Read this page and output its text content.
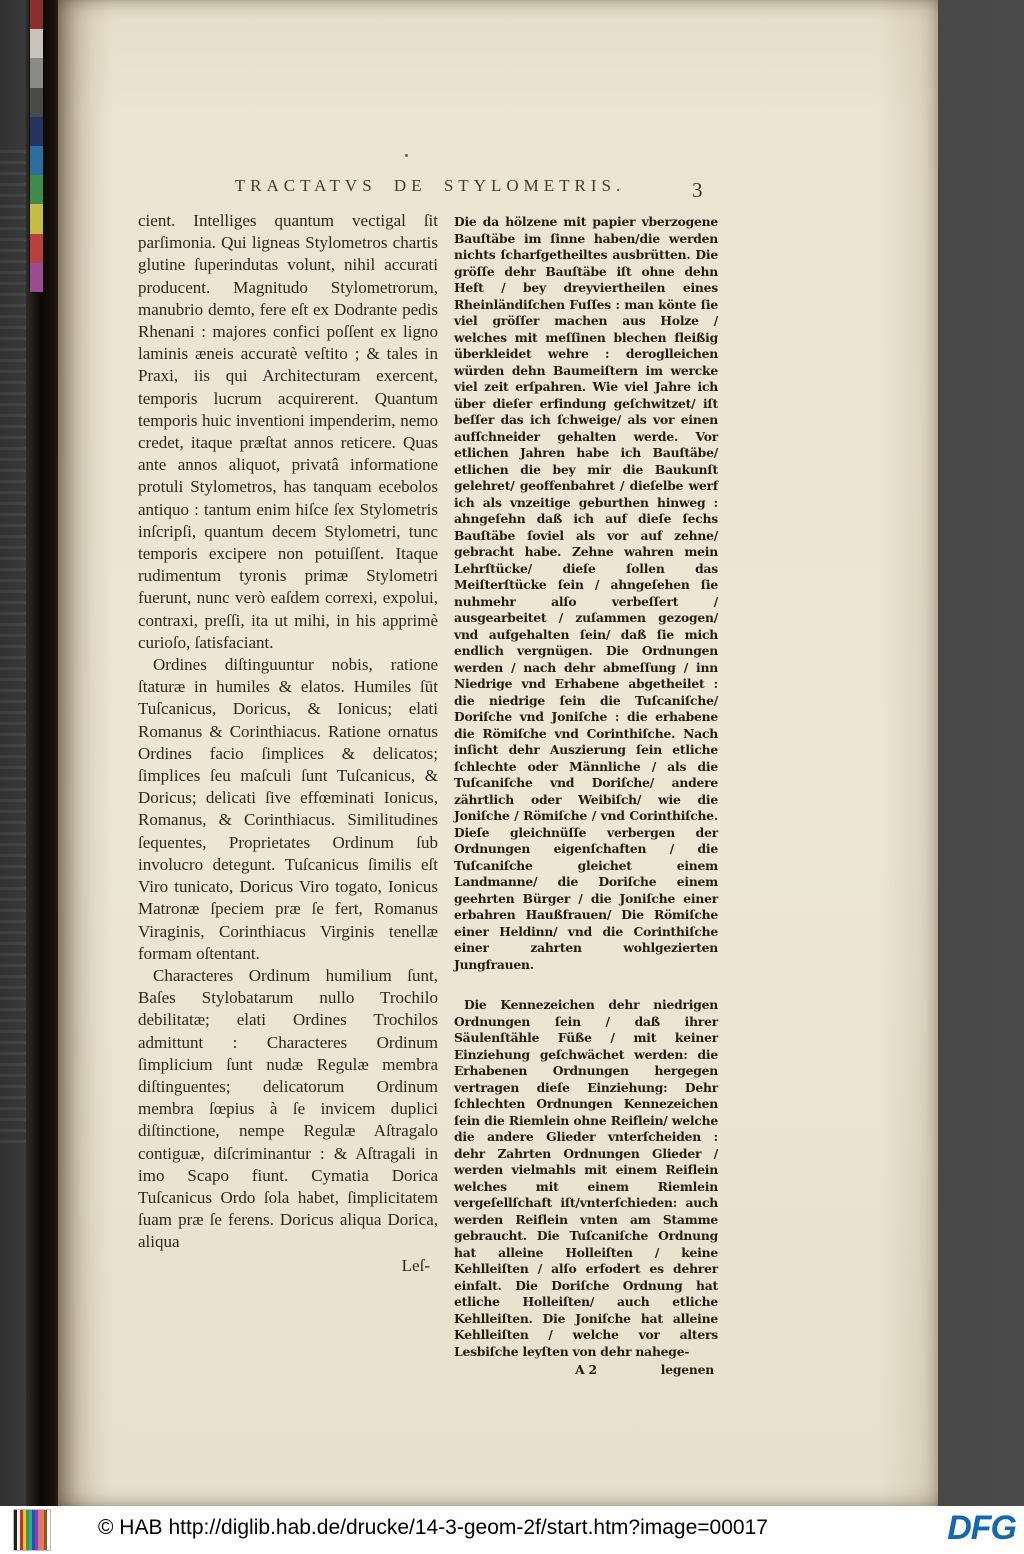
TRACTATVS DE STYLOMETRIS.	3

cient. Intelliges quantum vectigal ſit parſimonia. Qui ligneas Stylometros chartis glutine ſuperindutas volunt, nihil accurati producent. Magnitudo Stylometrorum, manubrio demto, fere eſt ex Dodrante pedis Rhenani : majores confici poſſent ex ligno laminis æneis accuratè veſtito ; & tales in Praxi, iis qui Architecturam exercent, temporis lucrum acquirerent. Quantum temporis huic inventioni impenderim, nemo credet, itaque præſtat annos reticere. Quas ante annos aliquot, privatâ informatione protuli Stylometros, has tanquam ecebolos antiquo : tantum enim hiſce ſex Stylometris inſcripſi, quantum decem Stylometri, tunc temporis excipere non potuiſſent. Itaque rudimentum tyronis primæ Stylometri fuerunt, nunc verò eaſdem correxi, expolui, contraxi, preſſi, ita ut mihi, in his apprimè curioſo, ſatisfaciant.

Ordines diſtinguuntur nobis, ratione ſtaturæ in humiles & elatos. Humiles ſūt Tuſcanicus, Doricus, & Ionicus; elati Romanus & Corinthiacus. Ratione ornatus Ordines facio ſimplices & delicatos; ſimplices ſeu maſculi ſunt Tuſcanicus, & Doricus; delicati ſive effœminati Ionicus, Romanus, & Corinthiacus. Similitudines ſequentes, Proprietates Ordinum ſub involucro detegunt. Tuſcanicus ſimilis eſt Viro tunicato, Doricus Viro togato, Ionicus Matronæ ſpeciem præ ſe fert, Romanus Viraginis, Corinthiacus Virginis tenellæ formam oſtentant.

Characteres Ordinum humilium ſunt, Baſes Stylobatarum nullo Trochilo debilitatæ; elati Ordines Trochilos admittunt : Characteres Ordinum ſimplicium ſunt nudæ Regulæ membra diſtinguentes; delicatorum Ordinum membra ſœpius à ſe invicem duplici diſtinctione, nempe Regulæ Aſtragalo contiguæ, diſcriminantur : & Aſtragali in imo Scapo fiunt. Cymatia Dorica Tuſcanicus Ordo ſola habet, ſimplicitatem ſuam præ ſe ferens. Doricus aliqua Dorica, aliqua

Leſ-

Die da hölzene mit papier vberzogene Bauſtäbe im ſinne haben/die werden nichts ſcharfgetheiltes ausbrütten. Die gröſſe dehr Bauſtäbe iſt ohne dehn Heft / bey dreyviertheilen eines Rheinländiſchen Fuſſes : man könte ſie viel gröſſer machen aus Holze / welches mit meſſinen blechen fleißig überkleidet wehre : deroglleichen würden dehn Baumeiſtern im wercke viel zeit erſpahren. Wie viel Jahre ich über dieſer erfindung geſchwitzet/ iſt beſſer das ich ſchweige/ als vor einen aufſchneider gehalten werde. Vor etlichen Jahren habe ich Bauſtäbe/ etlichen die bey mir die Baukunſt gelehret/ geoffenbahret / dieſelbe werf ich als vnzeitige geburthen hinweg : ahngeſehn daß ich auf dieſe ſechs Bauſtäbe ſoviel als vor auf zehne/ gebracht habe. Zehne wahren mein Lehrſtücke/ dieſe ſollen das Meiſterſtücke ſein / ahngeſehen ſie nuhmehr alſo verbeſſert / ausgearbeitet / zuſammen gezogen/ vnd aufgehalten ſein/ daß ſie mich endlich vergnügen. Die Ordnungen werden / nach dehr abmeſſung / inn Niedrige vnd Erhabene abgetheilet : die niedrige ſein die Tuſcaniſche/ Doriſche vnd Joniſche : die erhabene die Römiſche vnd Corinthiſche. Nach inſicht dehr Auszierung ſein etliche ſchlechte oder Männliche / als die Tuſcaniſche vnd Doriſche/ andere zährtlich oder Weibiſch/ wie die Joniſche / Römiſche / vnd Corinthiſche. Dieſe gleichnüſſe verbergen der Ordnungen eigenſchaften / die Tuſcaniſche gleichet einem Landmanne/ die Doriſche einem geehrten Bürger / die Joniſche einer erbahren Haußfrauen/ Die Römiſche einer Heldinn/ vnd die Corinthiſche einer zahrten wohlgezierten Jungfrauen.

Die Kennezeichen dehr niedrigen Ordnungen ſein / daß ihrer Säulenſtähle Füße / mit keiner Einziehung geſchwächet werden: die Erhabenen Ordnungen hergegen vertragen dieſe Einziehung: Dehr ſchlechten Ordnungen Kennezeichen ſein die Riemlein ohne Reiflein/ welche die andere Glieder vnterſcheiden : dehr Zahrten Ordnungen Glieder / werden vielmahls mit einem Reiflein welches mit einem Riemlein vergeſellſchaft iſt/vnterſchieden: auch werden Reiflein vnten am Stamme gebraucht. Die Tuſcaniſche Ordnung hat alleine Holleiſten / keine Kehlleiſten / alſo erfodert es dehrer einfalt. Die Doriſche Ordnung hat etliche Holleiſten/ auch etliche Kehlleiſten. Die Joniſche hat alleine Kehlleiſten / welche vor alters Lesbiſche leyſten von dehr nahege-

A 2	legenen
© HAB http://diglib.hab.de/drucke/14-3-geom-2f/start.htm?image=00017	DFG
